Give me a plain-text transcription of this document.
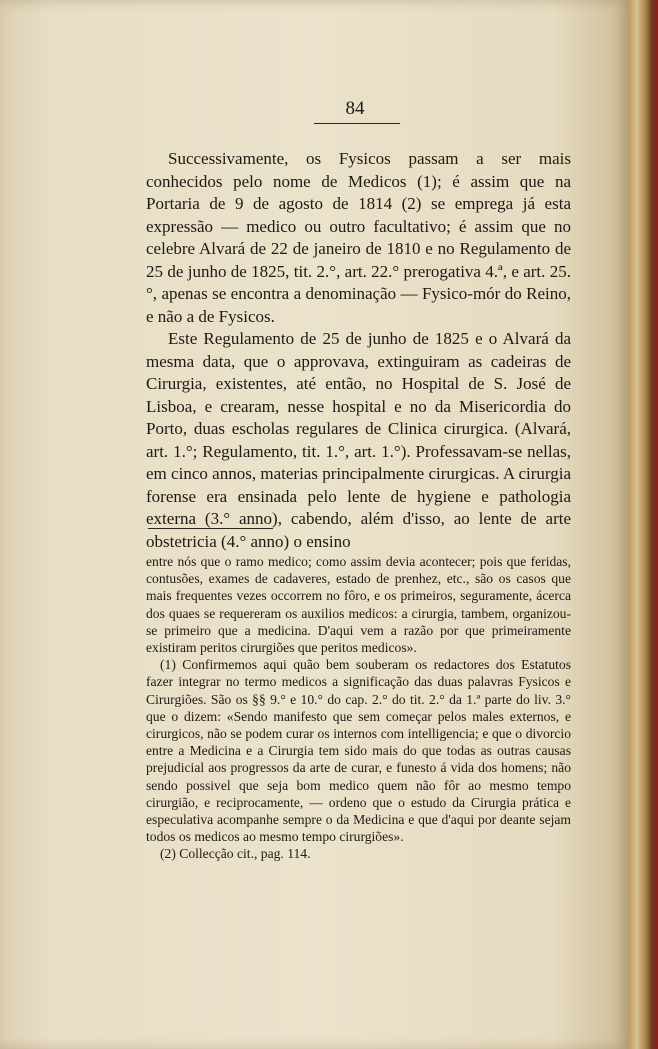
84

Successivamente, os Fysicos passam a ser mais conhecidos pelo nome de Medicos (1); é assim que na Portaria de 9 de agosto de 1814 (2) se emprega já esta expressão — medico ou outro facultativo; é assim que no celebre Alvará de 22 de janeiro de 1810 e no Regulamento de 25 de junho de 1825, tit. 2.°, art. 22.° prerogativa 4.ª, e art. 25.°, apenas se encontra a denominação — Fysico-mór do Reino, e não a de Fysicos.

Este Regulamento de 25 de junho de 1825 e o Alvará da mesma data, que o approvava, extinguiram as cadeiras de Cirurgia, existentes, até então, no Hospital de S. José de Lisboa, e crearam, nesse hospital e no da Misericordia do Porto, duas escholas regulares de Clinica cirurgica. (Alvará, art. 1.°; Regulamento, tit. 1.°, art. 1.°). Professavam-se nellas, em cinco annos, materias principalmente cirurgicas. A cirurgia forense era ensinada pelo lente de hygiene e pathologia externa (3.° anno), cabendo, além d'isso, ao lente de arte obstetricia (4.° anno) o ensino

entre nós que o ramo medico; como assim devia acontecer; pois que feridas, contusões, exames de cadaveres, estado de prenhez, etc., são os casos que mais frequentes vezes occorrem no fôro, e os primeiros, seguramente, ácerca dos quaes se requereram os auxilios medicos: a cirurgia, tambem, organizou-se primeiro que a medicina. D'aqui vem a razão por que primeiramente existiram peritos cirurgiões que peritos medicos».

(1) Confirmemos aqui quão bem souberam os redactores dos Estatutos fazer integrar no termo medicos a significação das duas palavras Fysicos e Cirurgiões. São os §§ 9.° e 10.° do cap. 2.° do tit. 2.° da 1.ª parte do liv. 3.° que o dizem: «Sendo manifesto que sem começar pelos males externos, e cirurgicos, não se podem curar os internos com intelligencia; e que o divorcio entre a Medicina e a Cirurgia tem sido mais do que todas as outras causas prejudicial aos progressos da arte de curar, e funesto á vida dos homens; não sendo possivel que seja bom medico quem não fôr ao mesmo tempo cirurgião, e reciprocamente, — ordeno que o estudo da Cirurgia prática e especulativa acompanhe sempre o da Medicina e que d'aqui por deante sejam todos os medicos ao mesmo tempo cirurgiões».

(2) Collecção cit., pag. 114.
